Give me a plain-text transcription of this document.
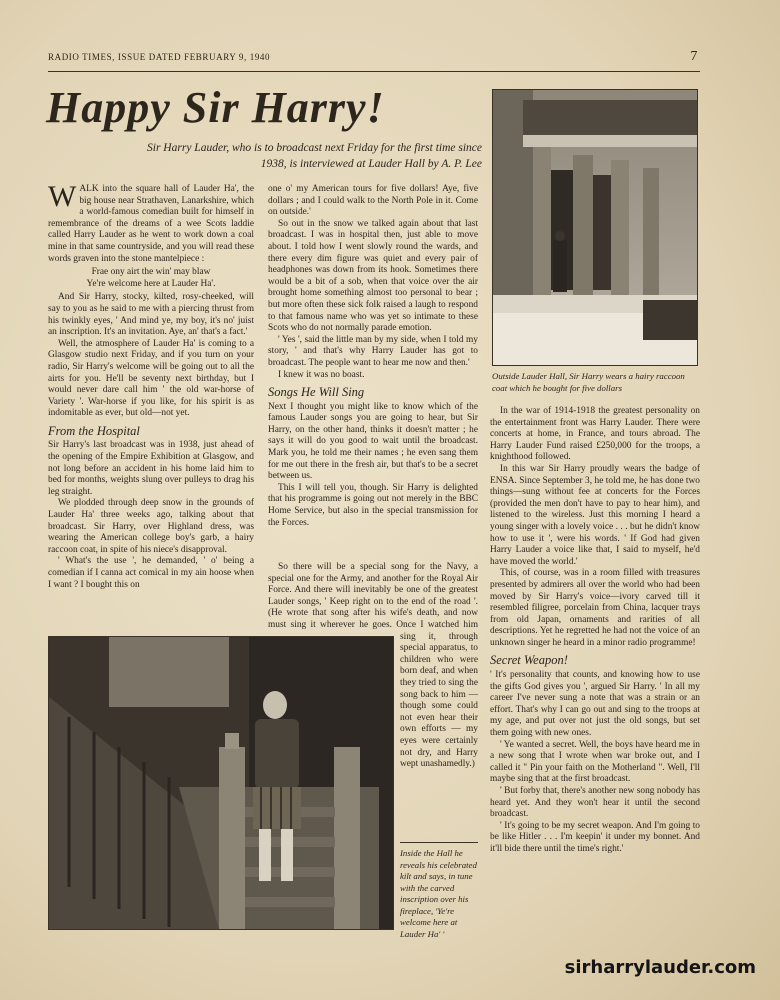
RADIO TIMES, ISSUE DATED FEBRUARY 9, 1940	7
Happy Sir Harry!
Sir Harry Lauder, who is to broadcast next Friday for the first time since 1938, is interviewed at Lauder Hall by A. P. Lee

WALK into the square hall of Lauder Ha', the big house near Strathaven, Lanarkshire, which a world-famous comedian built for himself in remembrance of the dreams of a wee Scots laddie called Harry Lauder as he went to work down a coal mine in that same countryside, and you will read these words graven into the stone mantelpiece :

Frae ony airt the win' may blaw
Ye're welcome here at Lauder Ha'.

And Sir Harry, stocky, kilted, rosy-cheeked, will say to you as he said to me with a piercing thrust from his twinkly eyes, ' And mind ye, my boy, it's no' juist an inscription. It's an invitation. Aye, an' that's a fact.'

Well, the atmosphere of Lauder Ha' is coming to a Glasgow studio next Friday, and if you turn on your radio, Sir Harry's welcome will be going out to all the airts for you. He'll be seventy next birthday, but I would never dare call him ' the old war-horse of Variety '. War-horse if you like, for his spirit is as indomitable as ever, but old—not yet.

From the Hospital

Sir Harry's last broadcast was in 1938, just ahead of the opening of the Empire Exhibition at Glasgow, and not long before an accident in his home laid him to bed for months, weights slung over pulleys to drag his leg straight.

We plodded through deep snow in the grounds of Lauder Ha' three weeks ago, talking about that broadcast. Sir Harry, over Highland dress, was wearing the American college boy's garb, a hairy raccoon coat, in spite of his niece's disapproval.

' What's the use ', he demanded, ' o' being a comedian if I canna act comical in my ain hoose when I want ? I bought this on

one o' my American tours for five dollars! Aye, five dollars ; and I could walk to the North Pole in it. Come on outside.'

So out in the snow we talked again about that last broadcast. I was in hospital then, just able to move about. I told how I went slowly round the wards, and there every dim figure was quiet and every pair of headphones was down from its hook. Sometimes there would be a bit of a sob, when that voice over the air brought home something almost too personal to bear ; but more often these sick folk raised a laugh to respond to that famous name who was yet so intimate to these Scots who do not normally parade emotion.

' Yes ', said the little man by my side, when I told my story, ' and that's why Harry Lauder has got to broadcast. The people want to hear me now and then.'

I knew it was no boast.

Songs He Will Sing

Next I thought you might like to know which of the famous Lauder songs you are going to hear, but Sir Harry, on the other hand, thinks it doesn't matter ; he says it will do you good to wait until the broadcast. Mark you, he told me their names ; he even sang them for me out there in the fresh air, but that's to be a secret between us.

This I will tell you, though. Sir Harry is delighted that his programme is going out not merely in the BBC Home Service, but also in the special transmission for the Forces.

So there will be a special song for the Navy, a special one for the Army, and another for the Royal Air Force. And there will inevitably be one of the greatest Lauder songs, ' Keep right on to the end of the road '. (He wrote that song after his wife's death, and now must sing it wherever he goes. Once I watched him sing it, through special apparatus, to children who were born deaf, and when they tried to sing the song back to him — though some could not even hear their own efforts — my eyes were certainly not dry, and Harry wept unashamedly.)

Outside Lauder Hall, Sir Harry wears a hairy raccoon coat which he bought for five dollars

In the war of 1914-1918 the greatest personality on the entertainment front was Harry Lauder. There were concerts at home, in France, and tours abroad. The Harry Lauder Fund raised £250,000 for the troops, a knighthood followed.

In this war Sir Harry proudly wears the badge of ENSA. Since September 3, he told me, he has done two things—sung without fee at concerts for the Forces (provided the men don't have to pay to hear him), and listened to the wireless. Just this morning I heard a young singer with a lovely voice . . . but he didn't know how to use it ', were his words. ' If God had given Harry Lauder a voice like that, I said to myself, he'd have moved the world.'

This, of course, was in a room filled with treasures presented by admirers all over the world who had been moved by Sir Harry's voice—ivory carved till it resembled filigree, porcelain from China, lacquer trays from old Japan, ornaments and rarities of all descriptions. Yet he regretted he had not the voice of an unknown singer he heard in a minor radio programme!

Secret Weapon!

' It's personality that counts, and knowing how to use the gifts God gives you ', argued Sir Harry. ' In all my career I've never sung a note that was a strain or an effort. That's why I can go out and sing to the troops at my age, and put over not just the old songs, but set them going with new ones.

' Ye wanted a secret. Well, the boys have heard me in a new song that I wrote when war broke out, and I called it " Pin your faith on the Motherland ". Well, I'll maybe sing that at the first broadcast.

' But forby that, there's another new song nobody has heard yet. And they won't hear it until the second broadcast.

' It's going to be my secret weapon. And I'm going to be like Hitler . . . I'm keepin' it under my bonnet. And it'll bide there until the time's right.'

Inside the Hall he reveals his celebrated kilt and says, in tune with the carved inscription over his fireplace, 'Ye're welcome here at Lauder Ha' '
sirharrylauder.com
